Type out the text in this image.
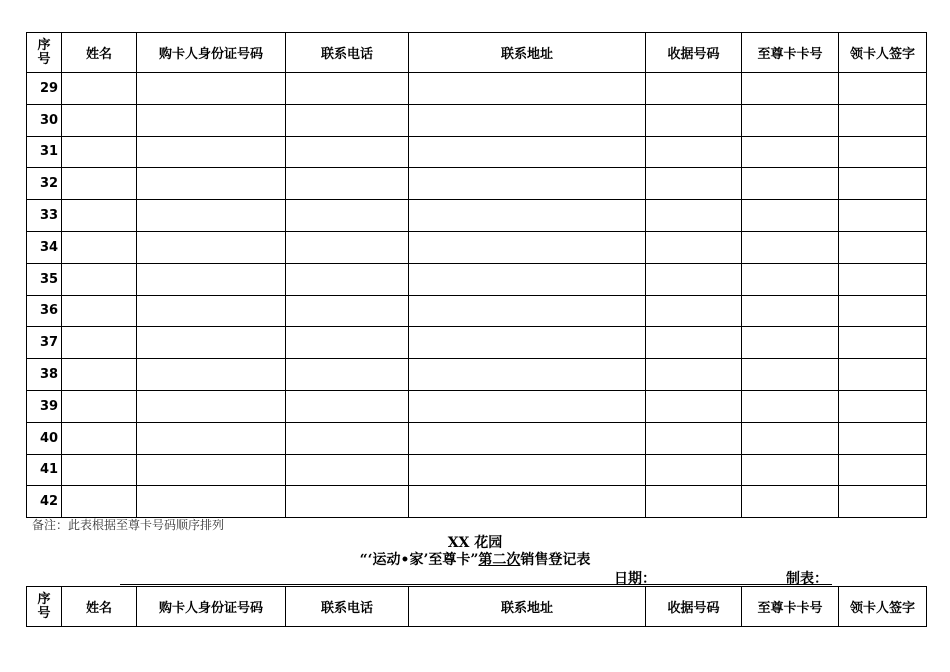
序
号	姓名	购卡人身份证号码	联系电话	联系地址	收据号码	至尊卡卡号	领卡人签字
29							
30							
31							
32							
33							
34							
35							
36							
37							
38							
39							
40							
41							
42							
备注：此表根据至尊卡号码顺序排列
XX 花园
“‘运动•家’至尊卡”第二次销售登记表
日期：	制表：
序
号	姓名	购卡人身份证号码	联系电话	联系地址	收据号码	至尊卡卡号	领卡人签字
